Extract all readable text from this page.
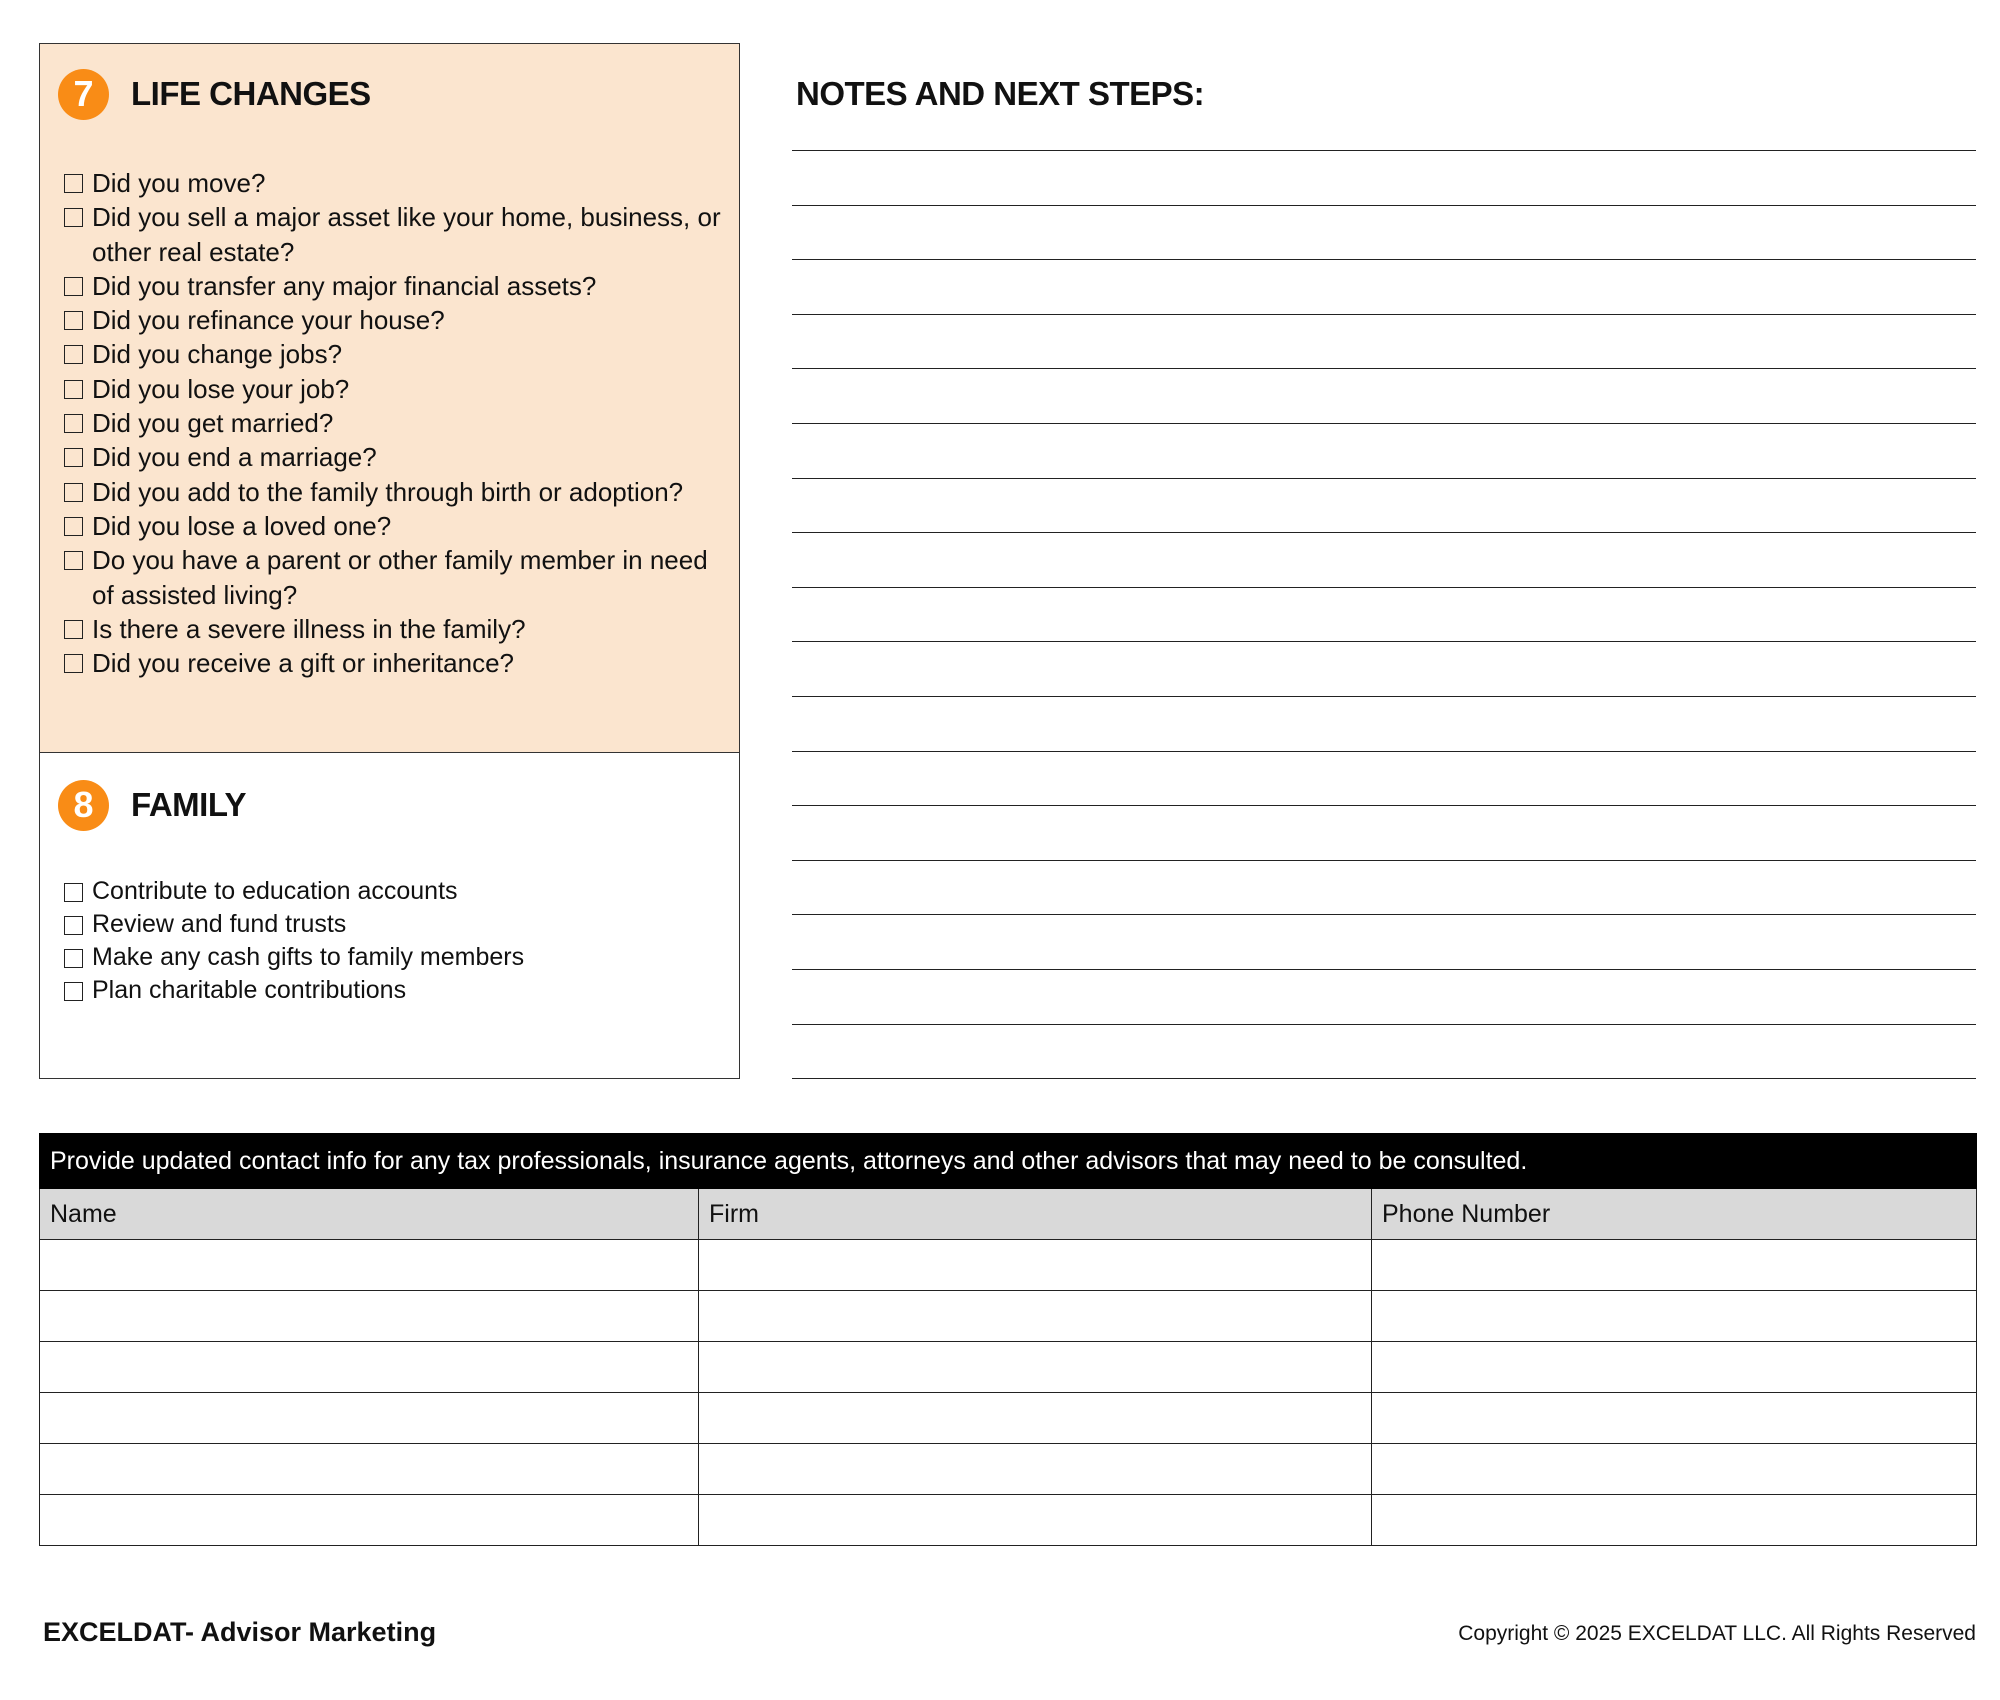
7	LIFE CHANGES
Did you move?
Did you sell a major asset like your home, business, or other real estate?
Did you transfer any major financial assets?
Did you refinance your house?
Did you change jobs?
Did you lose your job?
Did you get married?
Did you end a marriage?
Did you add to the family through birth or adoption?
Did you lose a loved one?
Do you have a parent or other family member in need of assisted living?
Is there a severe illness in the family?
Did you receive a gift or inheritance?
8	FAMILY
Contribute to education accounts
Review and fund trusts
Make any cash gifts to family members
Plan charitable contributions
NOTES AND NEXT STEPS:
Provide updated contact info for any tax professionals, insurance agents, attorneys and other advisors that may need to be consulted.		
Name	Firm	Phone Number

EXCELDAT- Advisor Marketing	Copyright © 2025 EXCELDAT LLC. All Rights Reserved
